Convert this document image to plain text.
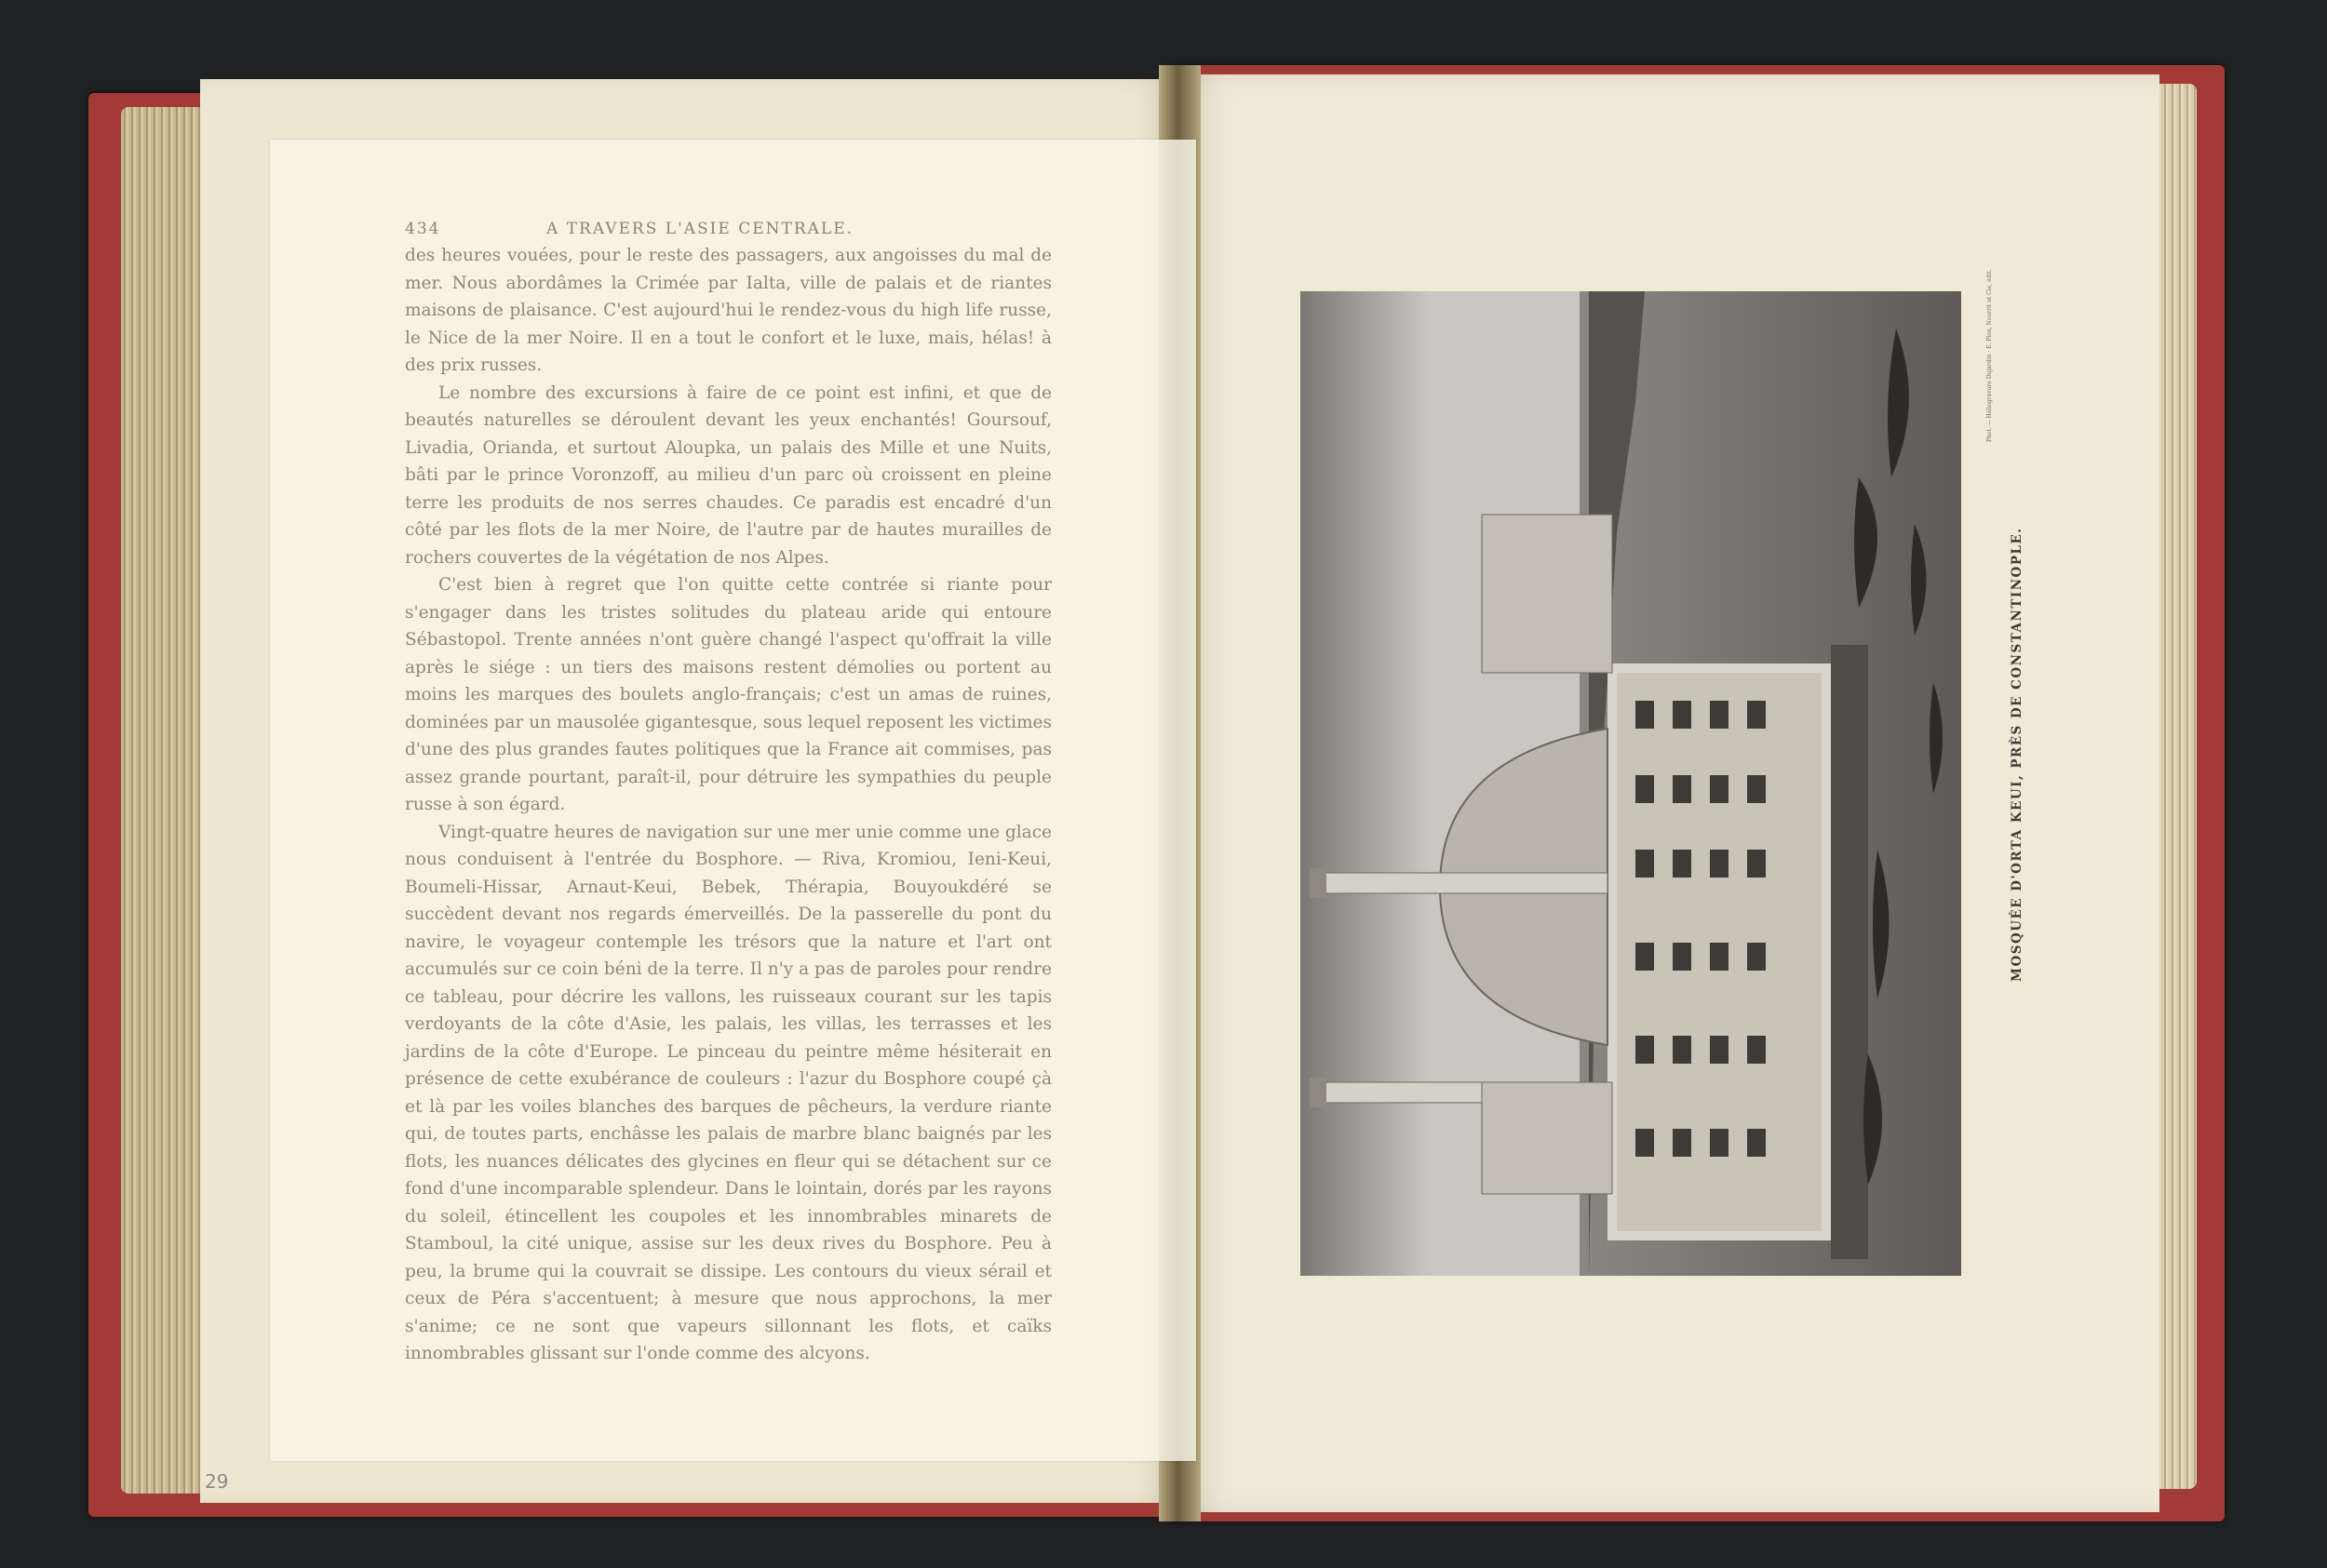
434	A TRAVERS L'ASIE CENTRALE.

des heures vouées, pour le reste des passagers, aux angoisses du mal de mer. Nous abordâmes la Crimée par Ialta, ville de palais et de riantes maisons de plaisance. C'est aujourd'hui le rendez-vous du high life russe, le Nice de la mer Noire. Il en a tout le confort et le luxe, mais, hélas! à des prix russes.

Le nombre des excursions à faire de ce point est infini, et que de beautés naturelles se déroulent devant les yeux enchantés! Goursouf, Livadia, Orianda, et surtout Aloupka, un palais des Mille et une Nuits, bâti par le prince Voronzoff, au milieu d'un parc où croissent en pleine terre les produits de nos serres chaudes. Ce paradis est encadré d'un côté par les flots de la mer Noire, de l'autre par de hautes murailles de rochers couvertes de la végétation de nos Alpes.

C'est bien à regret que l'on quitte cette contrée si riante pour s'engager dans les tristes solitudes du plateau aride qui entoure Sébastopol. Trente années n'ont guère changé l'aspect qu'offrait la ville après le siége : un tiers des maisons restent démolies ou portent au moins les marques des boulets anglo-français; c'est un amas de ruines, dominées par un mausolée gigantesque, sous lequel reposent les victimes d'une des plus grandes fautes politiques que la France ait commises, pas assez grande pourtant, paraît-il, pour détruire les sympathies du peuple russe à son égard.

Vingt-quatre heures de navigation sur une mer unie comme une glace nous conduisent à l'entrée du Bosphore. — Riva, Kromiou, Ieni-Keui, Boumeli-Hissar, Arnaut-Keui, Bebek, Thérapia, Bouyoukdéré se succèdent devant nos regards émerveillés. De la passerelle du pont du navire, le voyageur contemple les trésors que la nature et l'art ont accumulés sur ce coin béni de la terre. Il n'y a pas de paroles pour rendre ce tableau, pour décrire les vallons, les ruisseaux courant sur les tapis verdoyants de la côte d'Asie, les palais, les villas, les terrasses et les jardins de la côte d'Europe. Le pinceau du peintre même hésiterait en présence de cette exubérance de couleurs : l'azur du Bosphore coupé çà et là par les voiles blanches des barques de pêcheurs, la verdure riante qui, de toutes parts, enchâsse les palais de marbre blanc baignés par les flots, les nuances délicates des glycines en fleur qui se détachent sur ce fond d'une incomparable splendeur. Dans le lointain, dorés par les rayons du soleil, étincellent les coupoles et les innombrables minarets de Stamboul, la cité unique, assise sur les deux rives du Bosphore. Peu à peu, la brume qui la couvrait se dissipe. Les contours du vieux sérail et ceux de Péra s'accentuent; à mesure que nous approchons, la mer s'anime; ce ne sont que vapeurs sillonnant les flots, et caïks innombrables glissant sur l'onde comme des alcyons.

29
MOSQUÉE D'ORTA KEUI, PRÈS DE CONSTANTINOPLE.
Phot. — Héliogravure Dujardin · E. Plon, Nourrit et Cie, édit.
